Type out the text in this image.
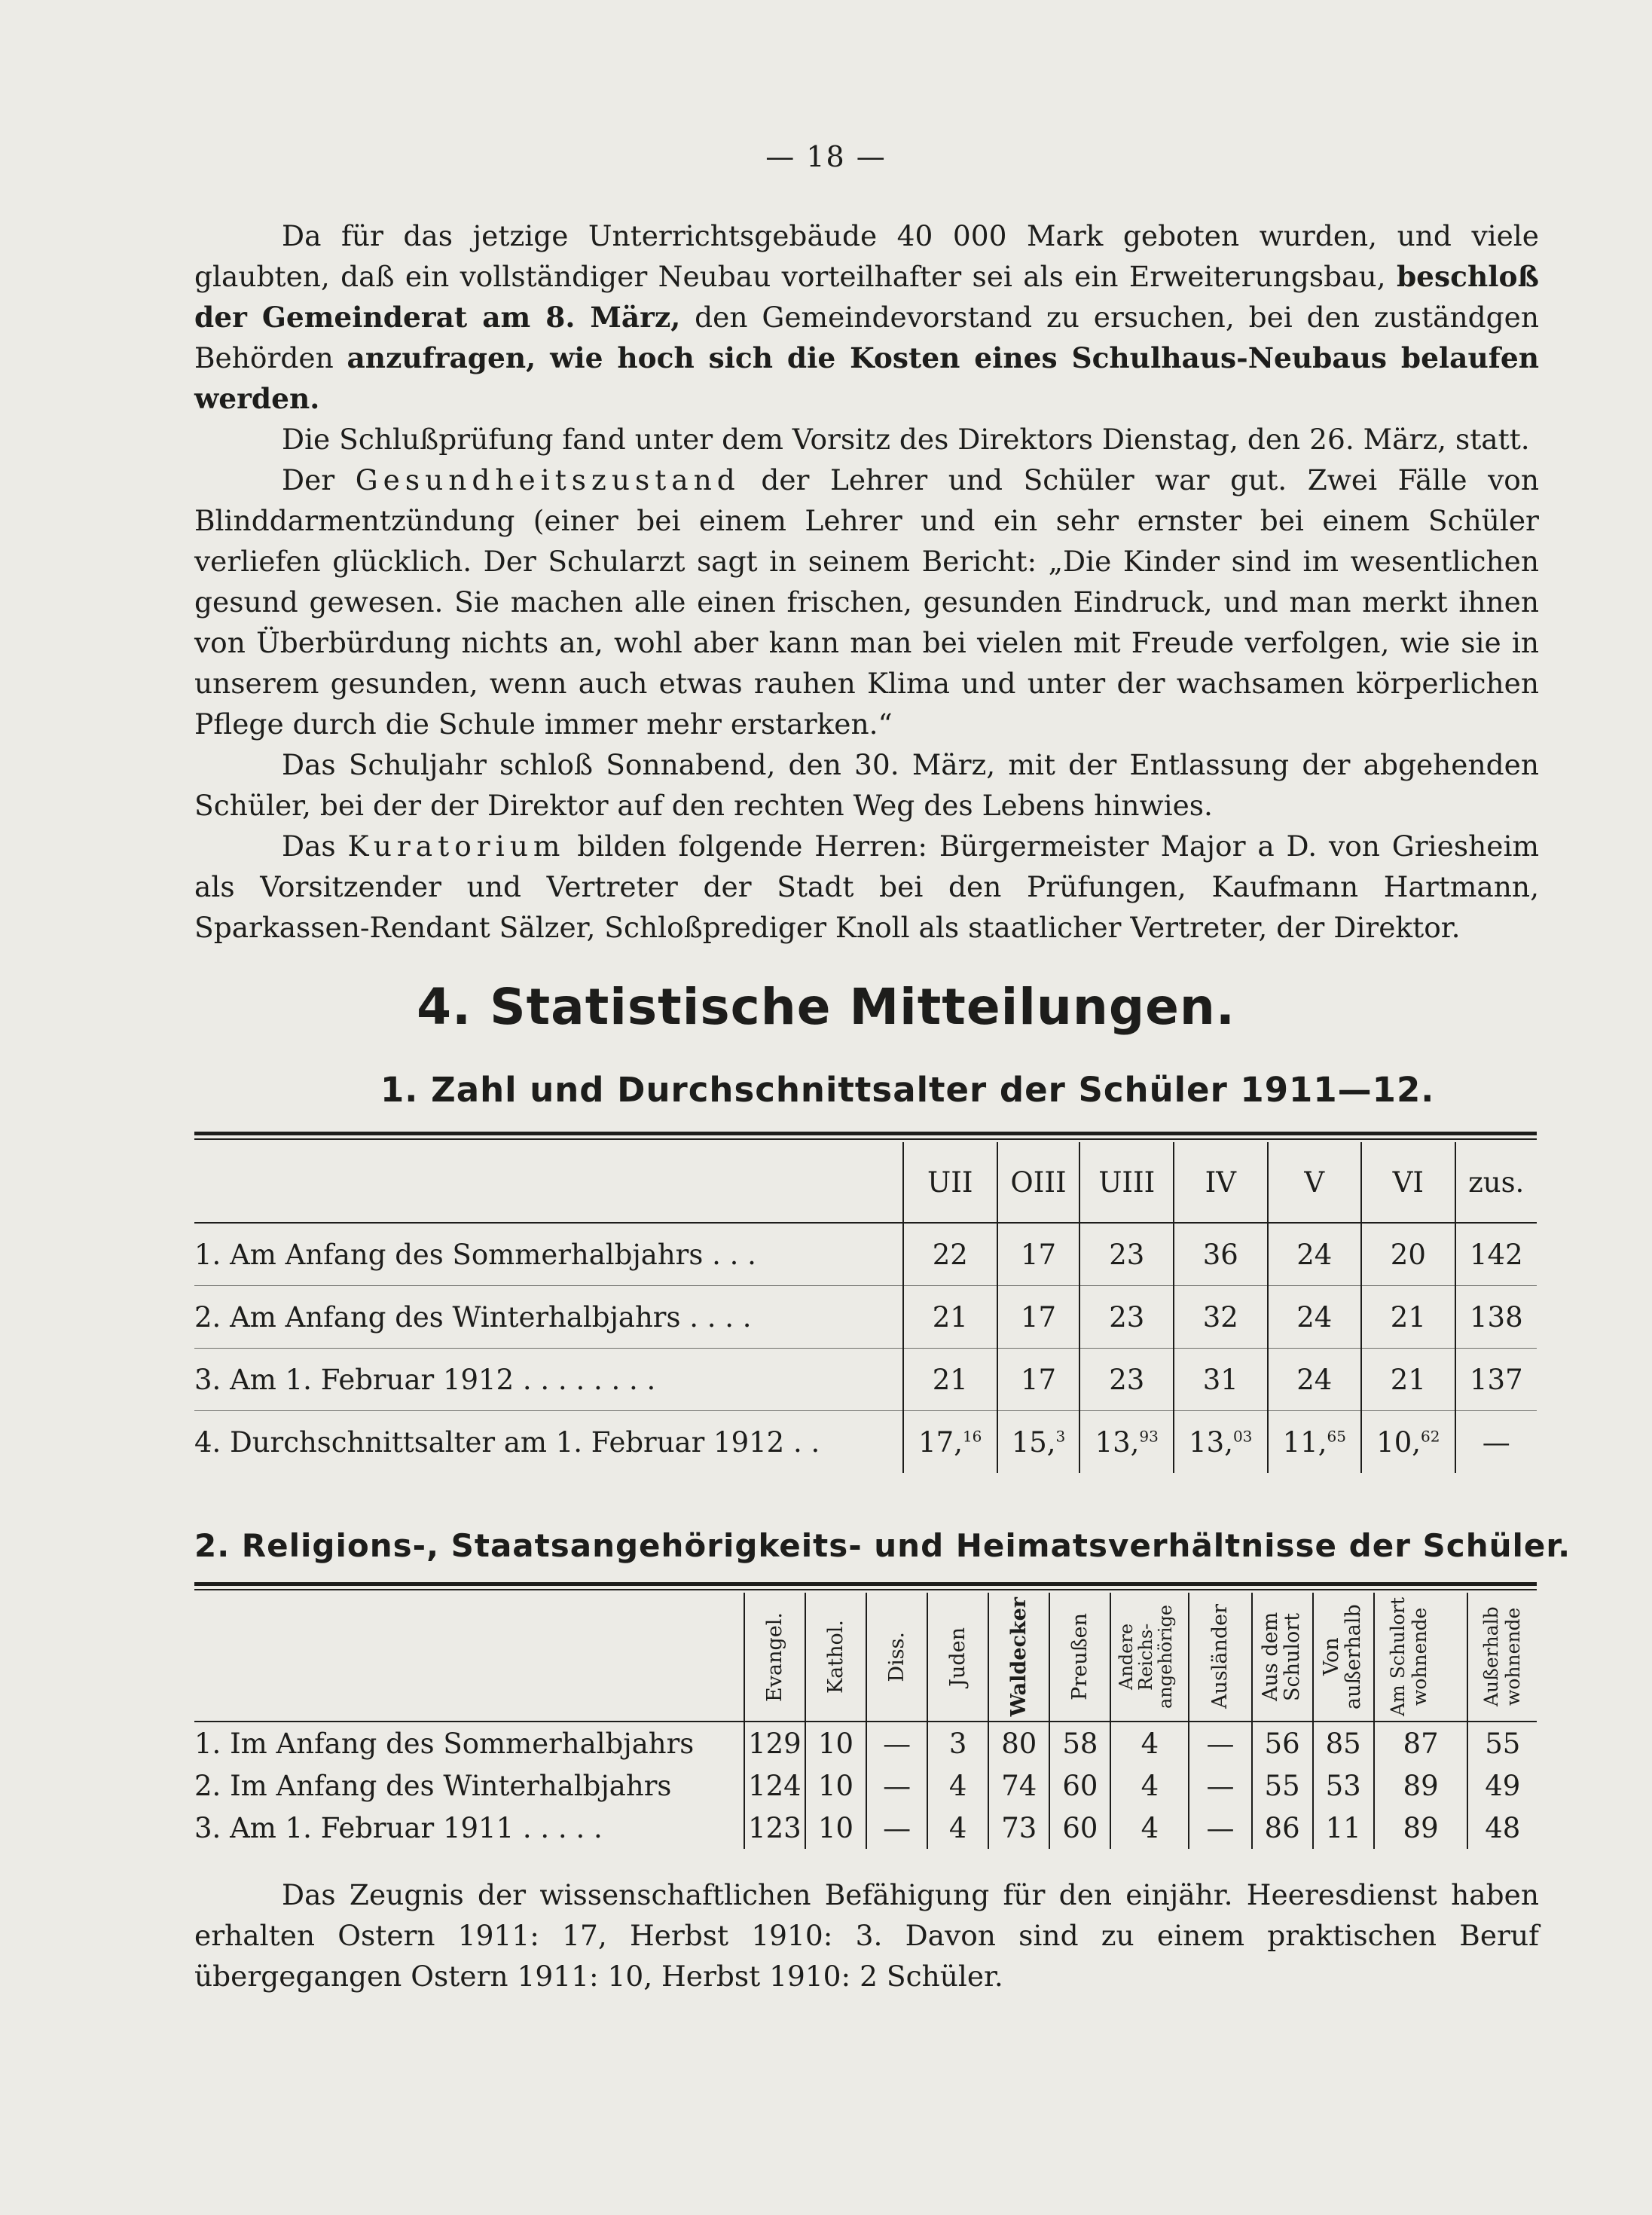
— 18 —

Da für das jetzige Unterrichtsgebäude 40 000 Mark geboten wurden, und viele glaubten, daß ein vollständiger Neubau vorteilhafter sei als ein Erweiterungsbau, beschloß der Gemeinderat am 8. März, den Gemeindevorstand zu ersuchen, bei den zuständgen Behörden anzufragen, wie hoch sich die Kosten eines Schulhaus-Neubaus belaufen werden.

Die Schlußprüfung fand unter dem Vorsitz des Direktors Dienstag, den 26. März, statt.

Der Gesundheitszustand der Lehrer und Schüler war gut. Zwei Fälle von Blinddarmentzündung (einer bei einem Lehrer und ein sehr ernster bei einem Schüler verliefen glücklich. Der Schularzt sagt in seinem Bericht: „Die Kinder sind im wesentlichen gesund gewesen. Sie machen alle einen frischen, gesunden Eindruck, und man merkt ihnen von Überbürdung nichts an, wohl aber kann man bei vielen mit Freude verfolgen, wie sie in unserem gesunden, wenn auch etwas rauhen Klima und unter der wachsamen körperlichen Pflege durch die Schule immer mehr erstarken.“

Das Schuljahr schloß Sonnabend, den 30. März, mit der Entlassung der abgehenden Schüler, bei der der Direktor auf den rechten Weg des Lebens hinwies.

Das Kuratorium bilden folgende Herren: Bürgermeister Major a D. von Griesheim als Vorsitzender und Vertreter der Stadt bei den Prüfungen, Kaufmann Hartmann, Sparkassen-Rendant Sälzer, Schloßprediger Knoll als staatlicher Vertreter, der Direktor.

4. Statistische Mitteilungen.
1. Zahl und Durchschnittsalter der Schüler 1911—12.
	UII	OIII	UIII	IV	V	VI	zus.
1. Am Anfang des Sommerhalbjahrs . . .	22	17	23	36	24	20	142
2. Am Anfang des Winterhalbjahrs . . . .	21	17	23	32	24	21	138
3. Am 1. Februar 1912 . . . . . . . .	21	17	23	31	24	21	137
4. Durchschnittsalter am 1. Februar 1912 . .	17,16	15,$^3$	13,93	13,03	11,65	10,62	—
2. Religions-, Staatsangehörigkeits- und Heimatsverhältnisse der Schüler.

	Evangel.	Kathol.	Diss.	Juden	Waldecker	Preußen	Andere Reichs- angehörige	Ausländer	Aus dem Schulort	Von außerhalb	Am Schulort wohnende	Außerhalb wohnende

1. Im Anfang des Sommerhalbjahrs	129	10	—	3	80	58	4	—	56	85	87	55
2. Im Anfang des Winterhalbjahrs	124	10	—	4	74	60	4	—	55	53	89	49
3. Am 1. Februar 1911 . . . . .	123	10	—	4	73	60	4	—	86	11	89	48

Das Zeugnis der wissenschaftlichen Befähigung für den einjähr. Heeresdienst haben erhalten Ostern 1911: 17, Herbst 1910: 3. Davon sind zu einem praktischen Beruf übergegangen Ostern 1911: 10, Herbst 1910: 2 Schüler.
